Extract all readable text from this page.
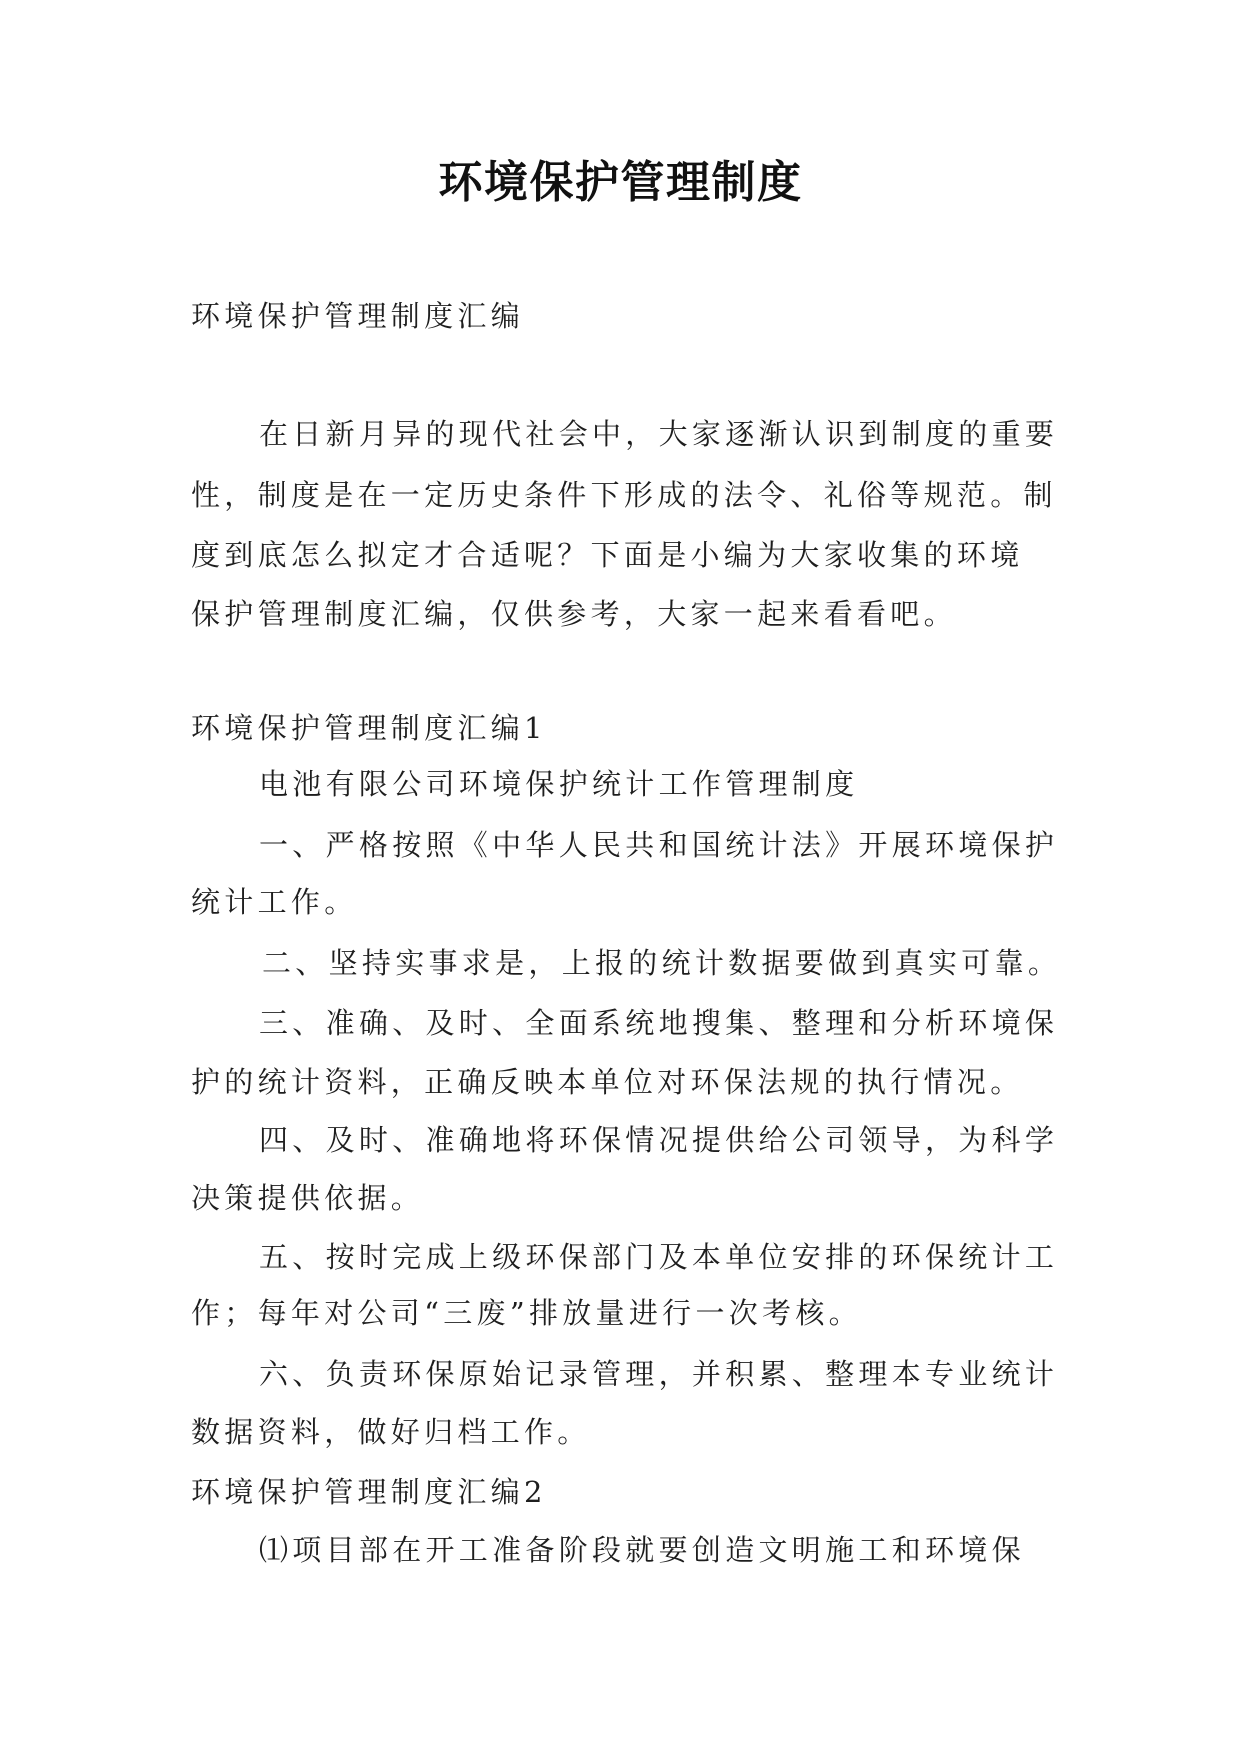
环境保护管理制度
环境保护管理制度汇编
在日新月异的现代社会中，大家逐渐认识到制度的重要
性，制度是在一定历史条件下形成的法令、礼俗等规范。制
度到底怎么拟定才合适呢？下面是小编为大家收集的环境
保护管理制度汇编，仅供参考，大家一起来看看吧。
环境保护管理制度汇编1
电池有限公司环境保护统计工作管理制度
一、严格按照《中华人民共和国统计法》开展环境保护
统计工作。
二、坚持实事求是，上报的统计数据要做到真实可靠。
三、准确、及时、全面系统地搜集、整理和分析环境保
护的统计资料，正确反映本单位对环保法规的执行情况。
四、及时、准确地将环保情况提供给公司领导，为科学
决策提供依据。
五、按时完成上级环保部门及本单位安排的环保统计工
作；每年对公司“三废”排放量进行一次考核。
六、负责环保原始记录管理，并积累、整理本专业统计
数据资料，做好归档工作。
环境保护管理制度汇编2
⑴项目部在开工准备阶段就要创造文明施工和环境保
